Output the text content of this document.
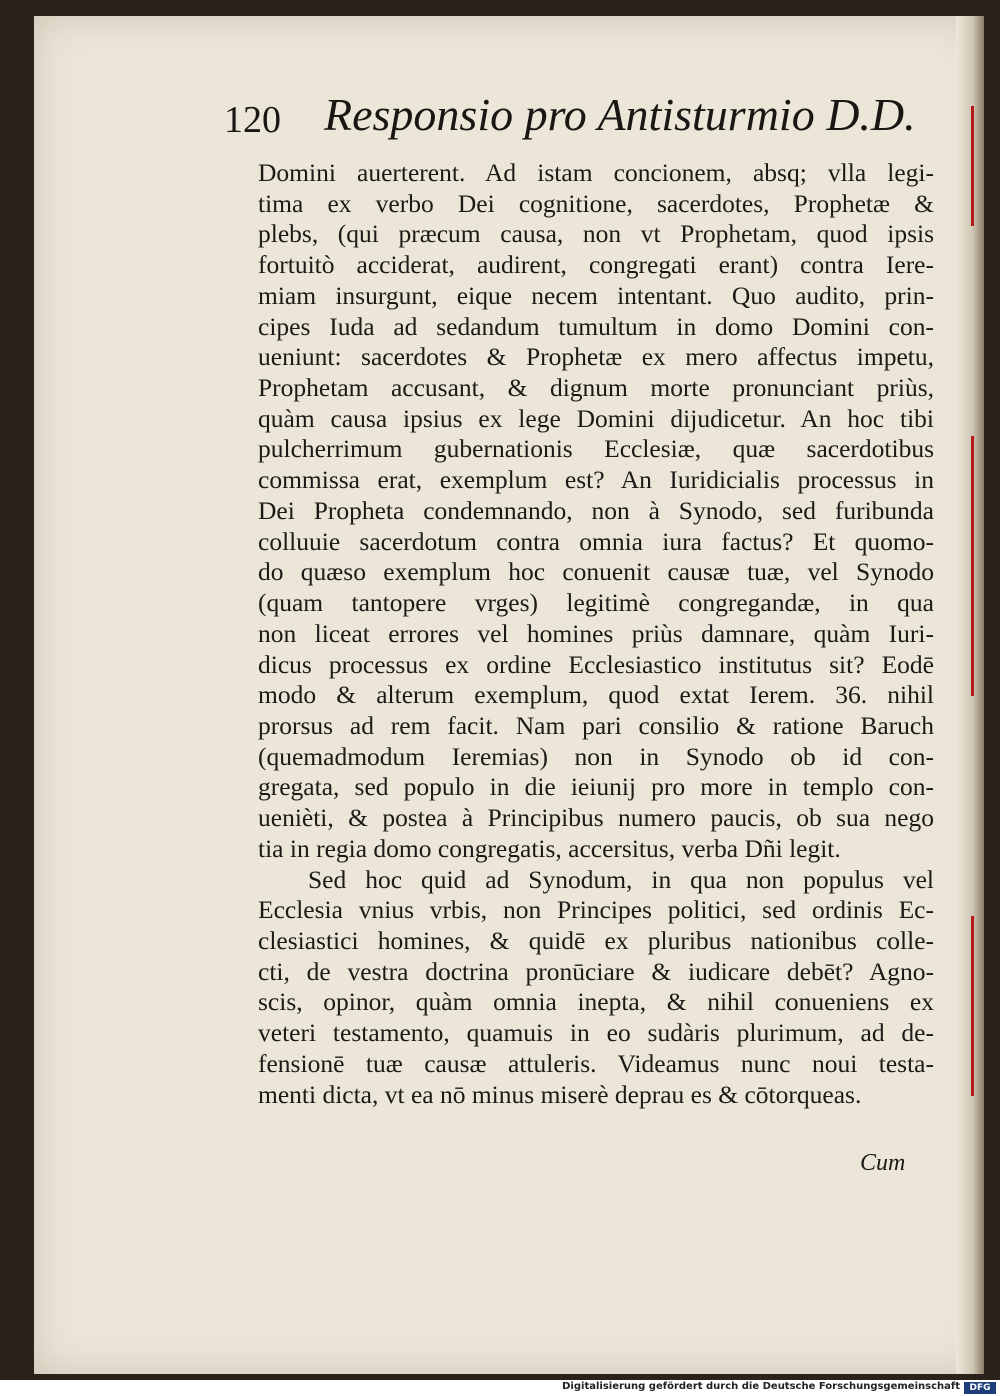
120 Responsio pro Antisturmio D.D.
Domini auerterent. Ad istam concionem, absq; vlla legi-
tima ex verbo Dei cognitione, sacerdotes, Prophetæ &
plebs, (qui præcum causa, non vt Prophetam, quod ipsis
fortuitò acciderat, audirent, congregati erant) contra Iere-
miam insurgunt, eique necem intentant. Quo audito, prin-
cipes Iuda ad sedandum tumultum in domo Domini con-
ueniunt: sacerdotes & Prophetæ ex mero affectus impetu,
Prophetam accusant, & dignum morte pronunciant priùs,
quàm causa ipsius ex lege Domini dijudicetur. An hoc tibi
pulcherrimum gubernationis Ecclesiæ, quæ sacerdotibus
commissa erat, exemplum est? An Iuridicialis processus in
Dei Propheta condemnando, non à Synodo, sed furibunda
colluuie sacerdotum contra omnia iura factus? Et quomo-
do quæso exemplum hoc conuenit causæ tuæ, vel Synodo
(quam tantopere vrges) legitimè congregandæ, in qua
non liceat errores vel homines priùs damnare, quàm Iuri-
dicus processus ex ordine Ecclesiastico institutus sit? Eodē
modo & alterum exemplum, quod extat Ierem. 36. nihil
prorsus ad rem facit. Nam pari consilio & ratione Baruch
(quemadmodum Ieremias) non in Synodo ob id con-
gregata, sed populo in die ieiunij pro more in templo con-
uenièti, & postea à Principibus numero paucis, ob sua nego
tia in regia domo congregatis, accersitus, verba Dñi legit.
Sed hoc quid ad Synodum, in qua non populus vel
Ecclesia vnius vrbis, non Principes politici, sed ordinis Ec-
clesiastici homines, & quidē ex pluribus nationibus colle-
cti, de vestra doctrina pronūciare & iudicare debēt? Agno-
scis, opinor, quàm omnia inepta, & nihil conueniens ex
veteri testamento, quamuis in eo sudàris plurimum, ad de-
fensionē tuæ causæ attuleris. Videamus nunc noui testa-
menti dicta, vt ea nō minus miserè deprau es & cōtorqueas.
Cum
Digitalisierung gefördert durch die Deutsche Forschungsgemeinschaft	DFG
